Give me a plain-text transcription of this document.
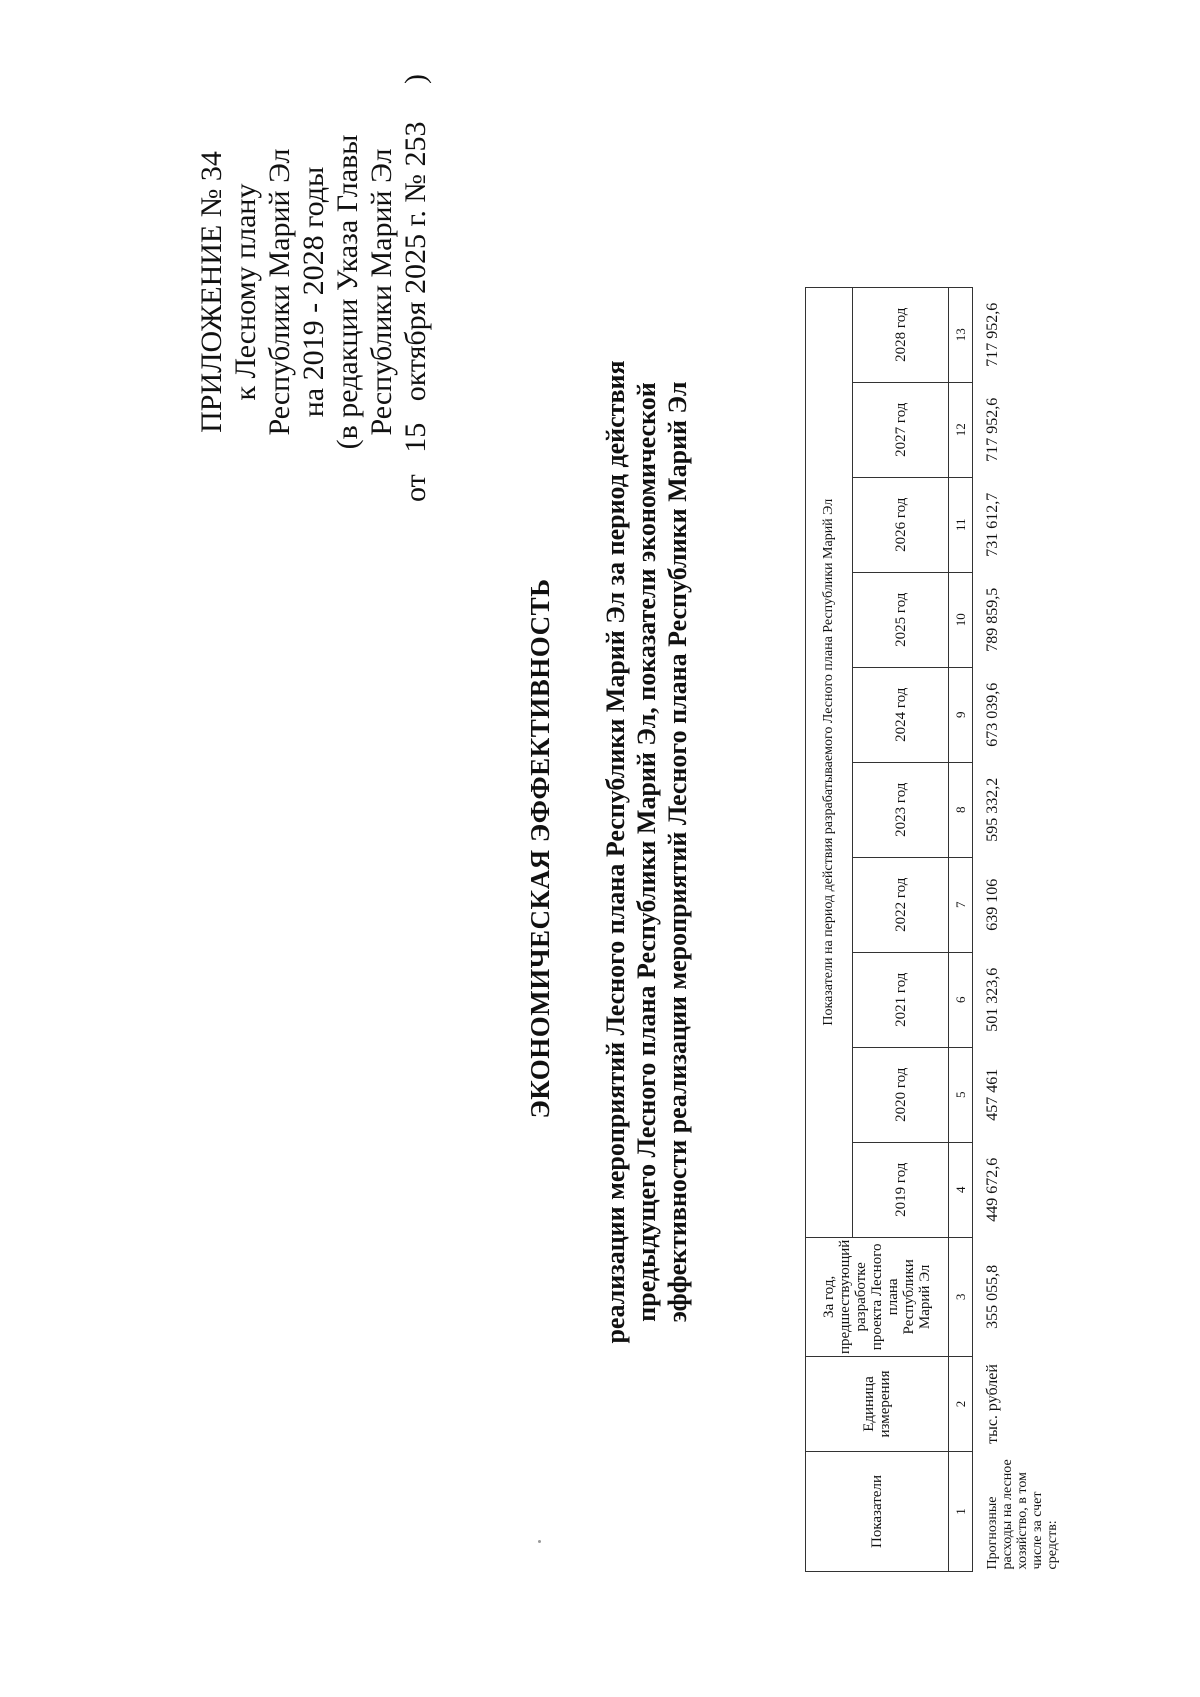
ПРИЛОЖЕНИЕ № 34 к Лесному плану Республики Марий Эл на 2019 - 2028 годы (в редакции Указа Главы Республики Марий Эл
от 15 октября 2025 г. № 253 )
ЭКОНОМИЧЕСКАЯ ЭФФЕКТИВНОСТЬ реализации мероприятий Лесного плана Республики Марий Эл за период действия предыдущего Лесного плана Республики Марий Эл, показатели экономической эффективности реализации мероприятий Лесного плана Республики Марий Эл
Показатели	Единица измерения	За год, предшествующий разработке проекта Лесного плана Республики Марий Эл	Показатели на период действия разрабатываемого Лесного плана Республики Марий Эл									
			2019 год	2020 год	2021 год	2022 год	2023 год	2024 год	2025 год	2026 год	2027 год	2028 год
1	2	3	4	5	6	7	8	9	10	11	12	13
Прогнозные расходы на лесное хозяйство, в том числе за счет средств:	тыс. рублей	355 055,8	449 672,6	457 461	501 323,6	639 106	595 332,2	673 039,6	789 859,5	731 612,7	717 952,6	717 952,6
